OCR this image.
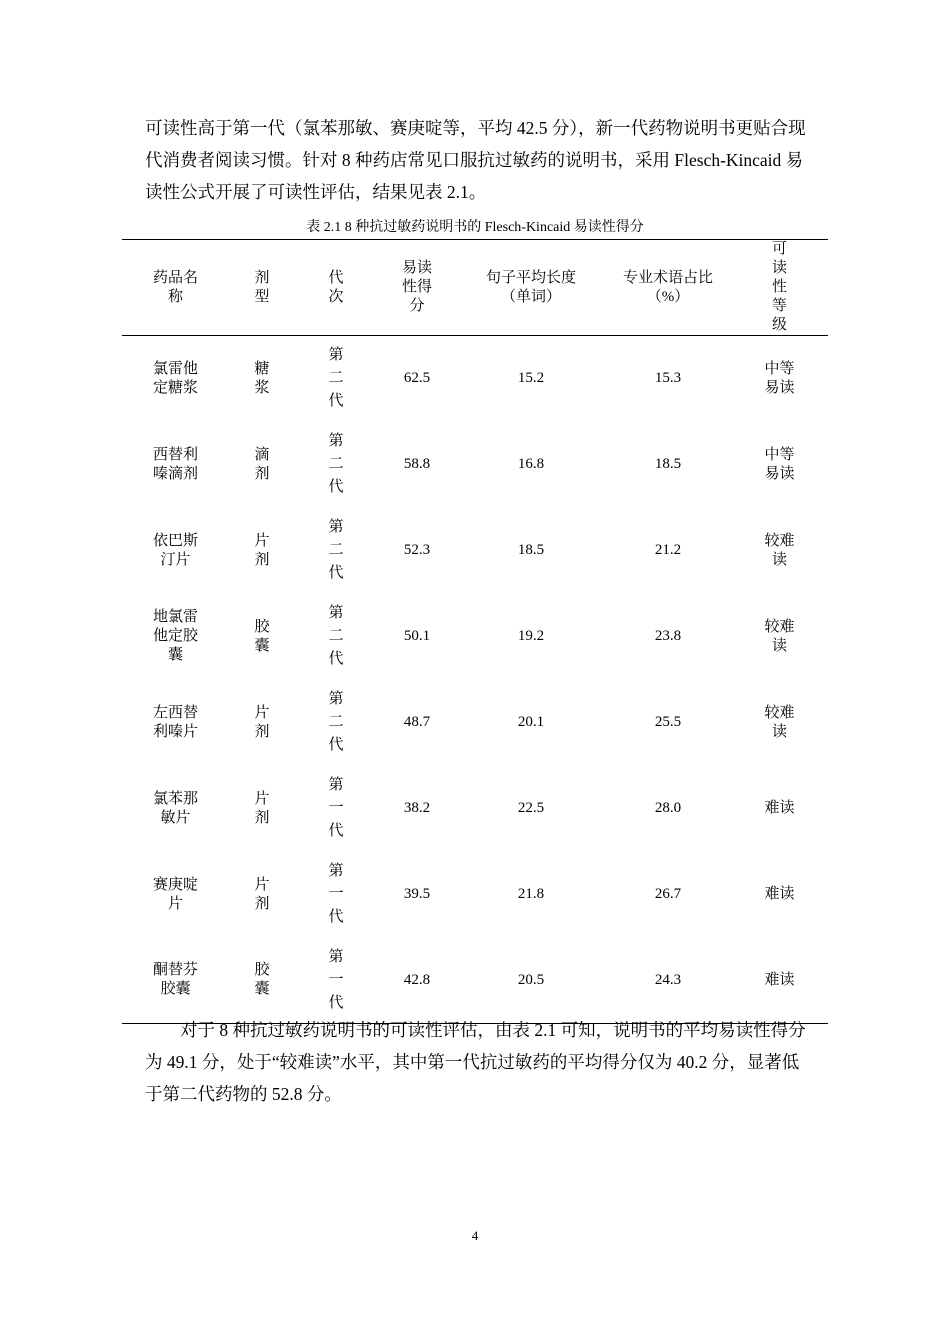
可读性高于第一代（氯苯那敏、赛庚啶等，平均 42.5 分），新一代药物说明书更贴合现代消费者阅读习惯。针对 8 种药店常见口服抗过敏药的说明书，采用 Flesch-Kincaid 易读性公式开展了可读性评估，结果见表 2.1。

表 2.1 8 种抗过敏药说明书的 Flesch-Kincaid 易读性得分
药品名称	剂型	代次	易读性得分	句子平均长度（单词）	专业术语占比（%）	可读性等级
氯雷他定糖浆	糖浆	第二代	62.5	15.2	15.3	中等易读
西替利嗪滴剂	滴剂	第二代	58.8	16.8	18.5	中等易读
依巴斯汀片	片剂	第二代	52.3	18.5	21.2	较难读
地氯雷他定胶囊	胶囊	第二代	50.1	19.2	23.8	较难读
左西替利嗪片	片剂	第二代	48.7	20.1	25.5	较难读
氯苯那敏片	片剂	第一代	38.2	22.5	28.0	难读
赛庚啶片	片剂	第一代	39.5	21.8	26.7	难读
酮替芬胶囊	胶囊	第一代	42.8	20.5	24.3	难读

对于 8 种抗过敏药说明书的可读性评估，由表 2.1 可知，说明书的平均易读性得分为 49.1 分，处于“较难读”水平，其中第一代抗过敏药的平均得分仅为 40.2 分，显著低于第二代药物的 52.8 分。

4
